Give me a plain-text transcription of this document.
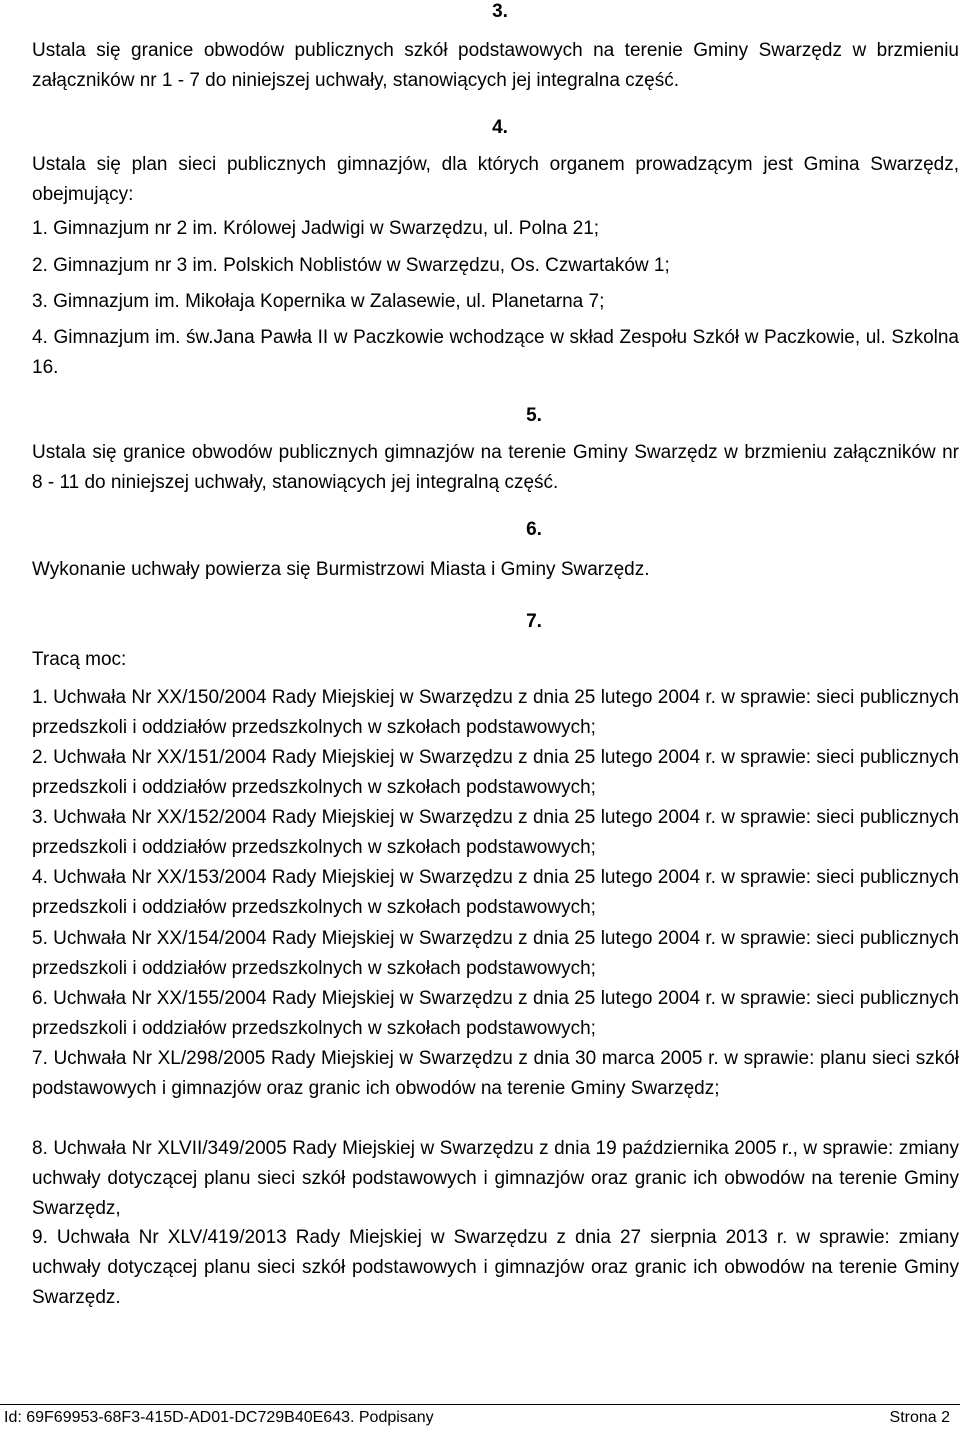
3.
Ustala się granice obwodów publicznych szkół podstawowych na terenie Gminy Swarzędz w brzmieniu załączników nr 1 - 7 do niniejszej uchwały, stanowiących jej integralna część.
4.
Ustala się plan sieci publicznych gimnazjów, dla których organem prowadzącym jest Gmina Swarzędz, obejmujący:
1. Gimnazjum nr 2 im. Królowej Jadwigi w Swarzędzu, ul. Polna 21;
2. Gimnazjum nr 3 im. Polskich Noblistów w Swarzędzu, Os. Czwartaków 1;
3. Gimnazjum im. Mikołaja Kopernika w Zalasewie, ul. Planetarna 7;
4. Gimnazjum im. św.Jana Pawła II w Paczkowie wchodzące w skład Zespołu Szkół w Paczkowie, ul. Szkolna 16.
5.
Ustala się granice obwodów publicznych gimnazjów na terenie Gminy Swarzędz w brzmieniu załączników nr 8 - 11 do niniejszej uchwały, stanowiących jej integralną część.
6.
Wykonanie uchwały powierza się Burmistrzowi Miasta i Gminy Swarzędz.
7.
Tracą moc:
1. Uchwała Nr XX/150/2004 Rady Miejskiej w Swarzędzu z dnia 25 lutego 2004 r. w sprawie: sieci publicznych przedszkoli i oddziałów przedszkolnych w szkołach podstawowych;
2. Uchwała Nr XX/151/2004 Rady Miejskiej w Swarzędzu z dnia 25 lutego 2004 r. w sprawie: sieci publicznych przedszkoli i oddziałów przedszkolnych w szkołach podstawowych;
3. Uchwała Nr XX/152/2004 Rady Miejskiej w Swarzędzu z dnia 25 lutego 2004 r. w sprawie: sieci publicznych przedszkoli i oddziałów przedszkolnych w szkołach podstawowych;
4. Uchwała Nr XX/153/2004 Rady Miejskiej w Swarzędzu z dnia 25 lutego 2004 r. w sprawie: sieci publicznych przedszkoli i oddziałów przedszkolnych w szkołach podstawowych;
5. Uchwała Nr XX/154/2004 Rady Miejskiej w Swarzędzu z dnia 25 lutego 2004 r. w sprawie: sieci publicznych przedszkoli i oddziałów przedszkolnych w szkołach podstawowych;
6. Uchwała Nr XX/155/2004 Rady Miejskiej w Swarzędzu z dnia 25 lutego 2004 r. w sprawie: sieci publicznych przedszkoli i oddziałów przedszkolnych w szkołach podstawowych;
7. Uchwała Nr XL/298/2005 Rady Miejskiej w Swarzędzu z dnia 30 marca 2005 r. w sprawie: planu sieci szkół podstawowych i gimnazjów oraz granic ich obwodów na terenie Gminy Swarzędz;
8. Uchwała Nr XLVII/349/2005 Rady Miejskiej w Swarzędzu z dnia 19 października 2005 r., w sprawie: zmiany uchwały dotyczącej planu sieci szkół podstawowych i gimnazjów oraz granic ich obwodów na terenie Gminy Swarzędz,
9. Uchwała Nr XLV/419/2013 Rady Miejskiej w Swarzędzu z dnia 27 sierpnia 2013 r. w sprawie: zmiany uchwały dotyczącej planu sieci szkół podstawowych i gimnazjów oraz granic ich obwodów na terenie Gminy Swarzędz.
Id: 69F69953-68F3-415D-AD01-DC729B40E643. Podpisany	Strona 2
